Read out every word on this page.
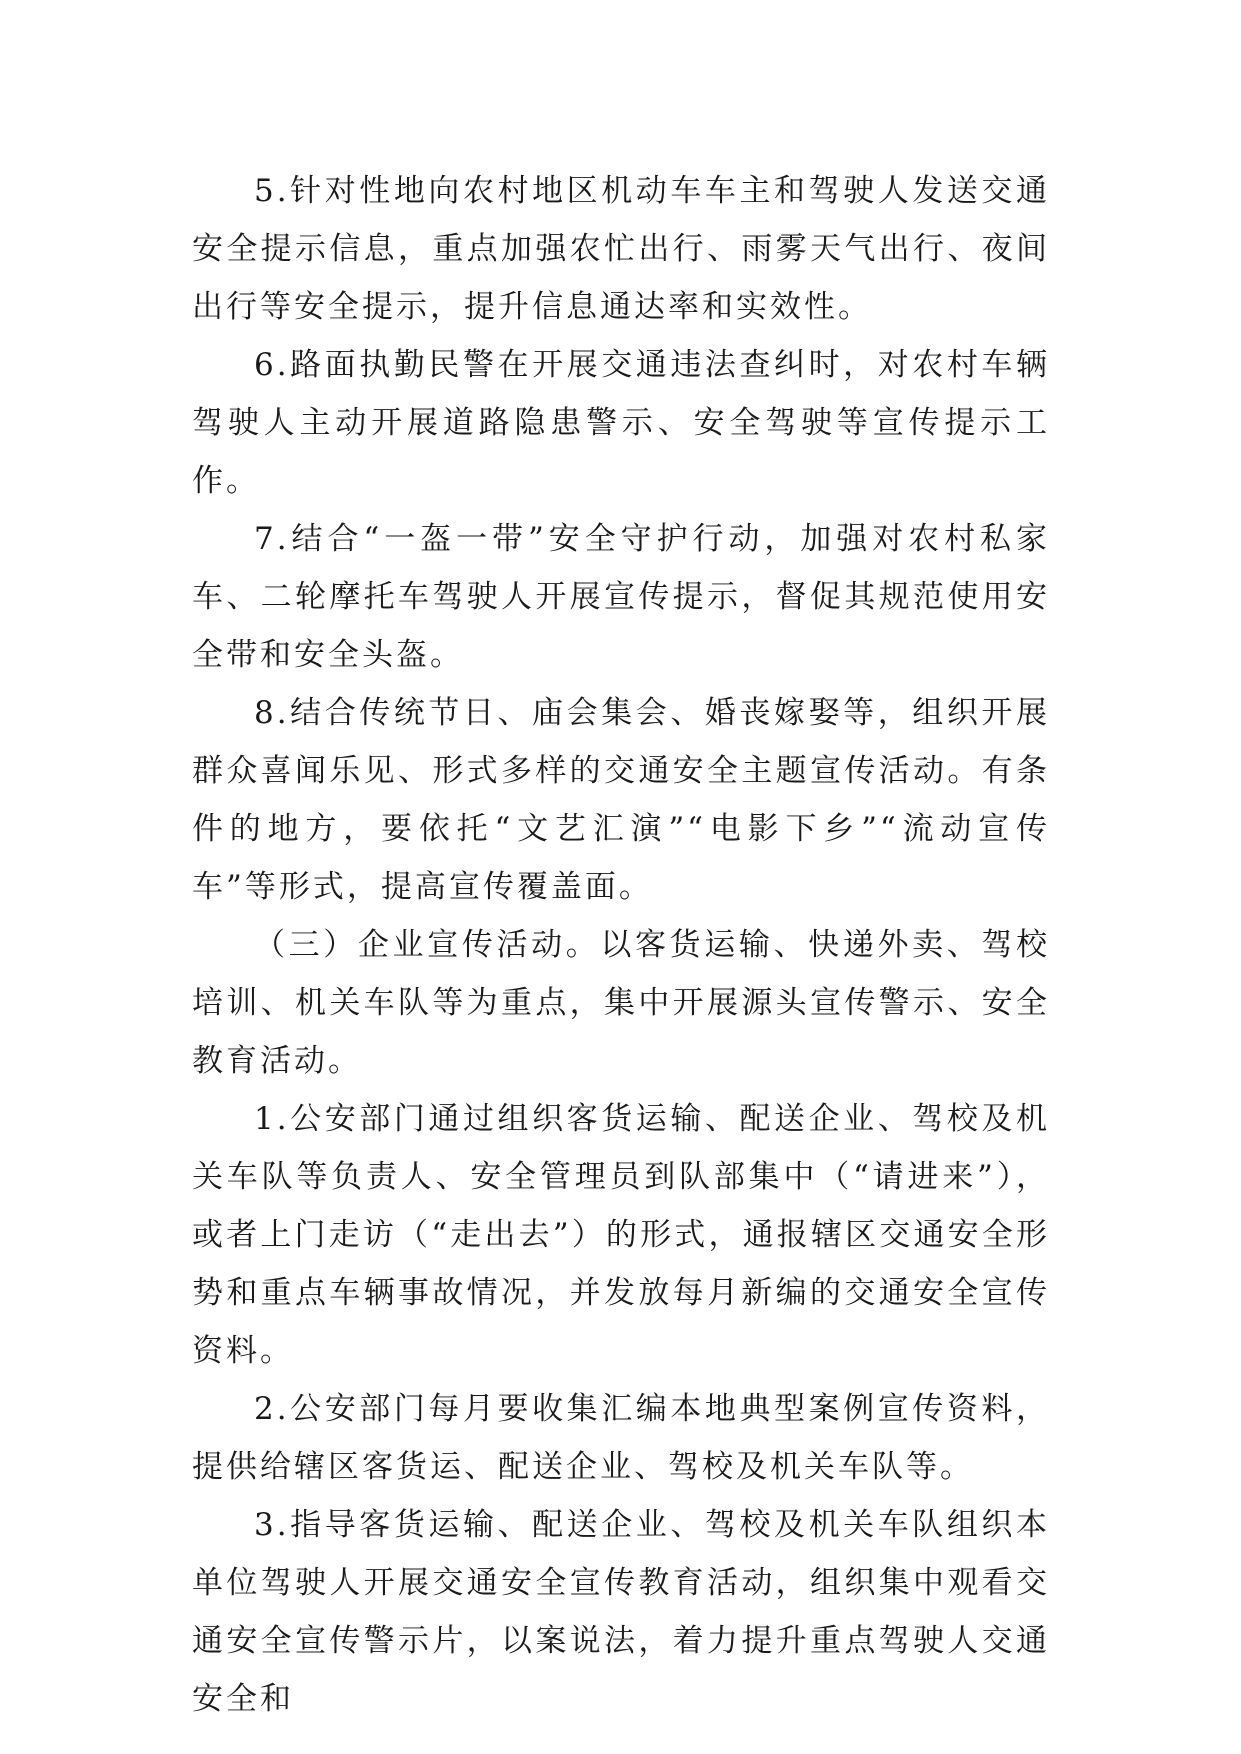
5.针对性地向农村地区机动车车主和驾驶人发送交通安全提示信息，重点加强农忙出行、雨雾天气出行、夜间出行等安全提示，提升信息通达率和实效性。

6.路面执勤民警在开展交通违法查纠时，对农村车辆驾驶人主动开展道路隐患警示、安全驾驶等宣传提示工作。

7.结合“一盔一带”安全守护行动，加强对农村私家车、二轮摩托车驾驶人开展宣传提示，督促其规范使用安全带和安全头盔。

8.结合传统节日、庙会集会、婚丧嫁娶等，组织开展群众喜闻乐见、形式多样的交通安全主题宣传活动。有条件的地方，要依托“文艺汇演”“电影下乡”“流动宣传车”等形式，提高宣传覆盖面。

（三）企业宣传活动。以客货运输、快递外卖、驾校培训、机关车队等为重点，集中开展源头宣传警示、安全教育活动。

1.公安部门通过组织客货运输、配送企业、驾校及机关车队等负责人、安全管理员到队部集中（“请进来”），或者上门走访（“走出去”）的形式，通报辖区交通安全形势和重点车辆事故情况，并发放每月新编的交通安全宣传资料。

2.公安部门每月要收集汇编本地典型案例宣传资料，提供给辖区客货运、配送企业、驾校及机关车队等。

3.指导客货运输、配送企业、驾校及机关车队组织本单位驾驶人开展交通安全宣传教育活动，组织集中观看交通安全宣传警示片，以案说法，着力提升重点驾驶人交通安全和
